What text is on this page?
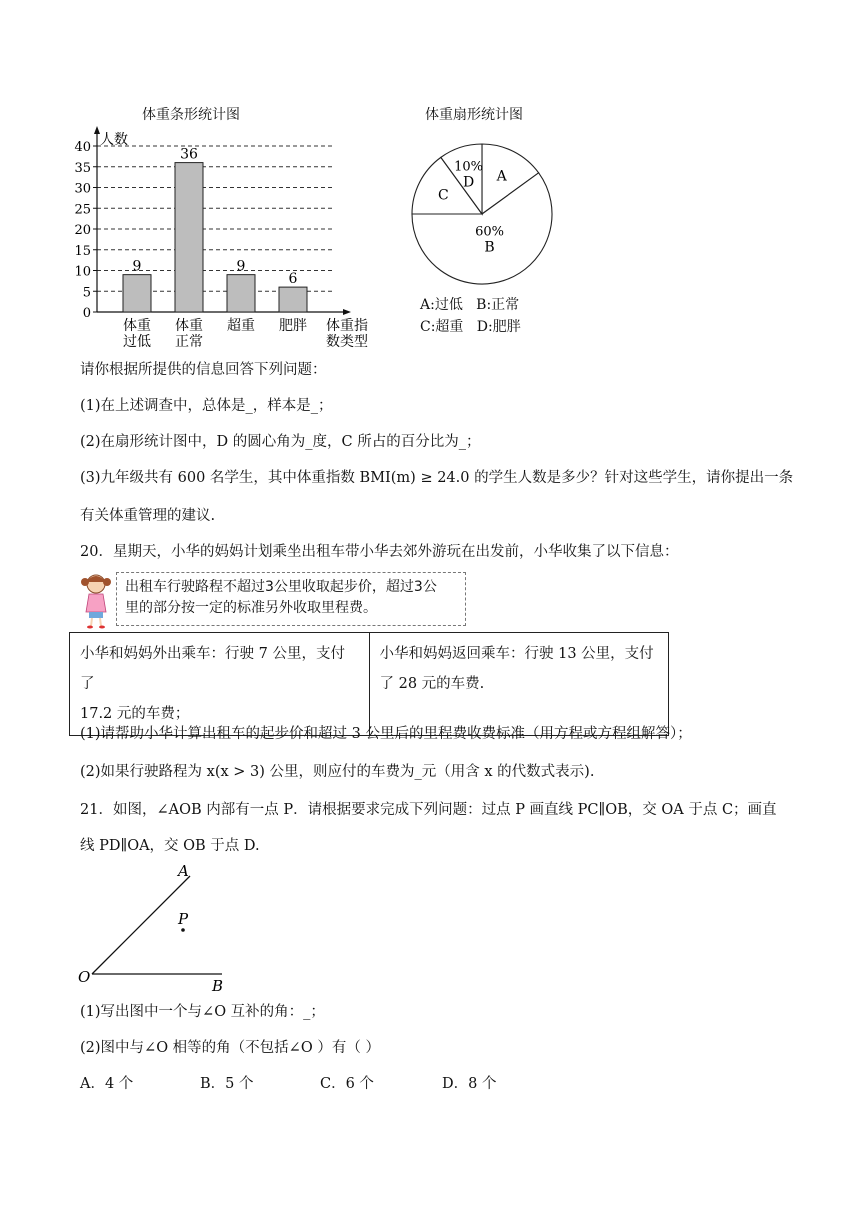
体重条形统计图
人数
0
5
10
15
20
25
30
35
40
9
36
9
6
体重
过低
体重
正常
超重 肥胖 体重指
数类型
体重扇形统计图
A
60%
B
C
10%
D
A:过低   B:正常
C:超重   D:肥胖
请你根据所提供的信息回答下列问题：
(1)在上述调查中，总体是_，样本是_；
(2)在扇形统计图中，D 的圆心角为_度，C 所占的百分比为_；
(3)九年级共有 600 名学生，其中体重指数 BMI(m) ≥ 24.0 的学生人数是多少？针对这些学生，请你提出一条
有关体重管理的建议.
20．星期天，小华的妈妈计划乘坐出租车带小华去郊外游玩在出发前，小华收集了以下信息：
出租车行驶路程不超过3公里收取起步价，超过3公
里的部分按一定的标准另外收取里程费。
小华和妈妈外出乘车：行驶 7 公里，支付了
17.2 元的车费；

小华和妈妈返回乘车：行驶 13 公里，支付
了 28 元的车费.
(1)请帮助小华计算出租车的起步价和超过 3 公里后的里程费收费标准（用方程或方程组解答）；
(2)如果行驶路程为 x(x > 3) 公里，则应付的车费为_元（用含 x 的代数式表示).
21．如图，∠AOB 内部有一点 P．请根据要求完成下列问题：过点 P 画直线 PC∥OB，交 OA 于点 C；画直
线 PD∥OA，交 OB 于点 D.
A
O	B
P
(1)写出图中一个与∠O 互补的角：_；
(2)图中与∠O 相等的角（不包括∠O ）有（ ）
A．4 个	B．5 个	C．6 个	D．8 个
